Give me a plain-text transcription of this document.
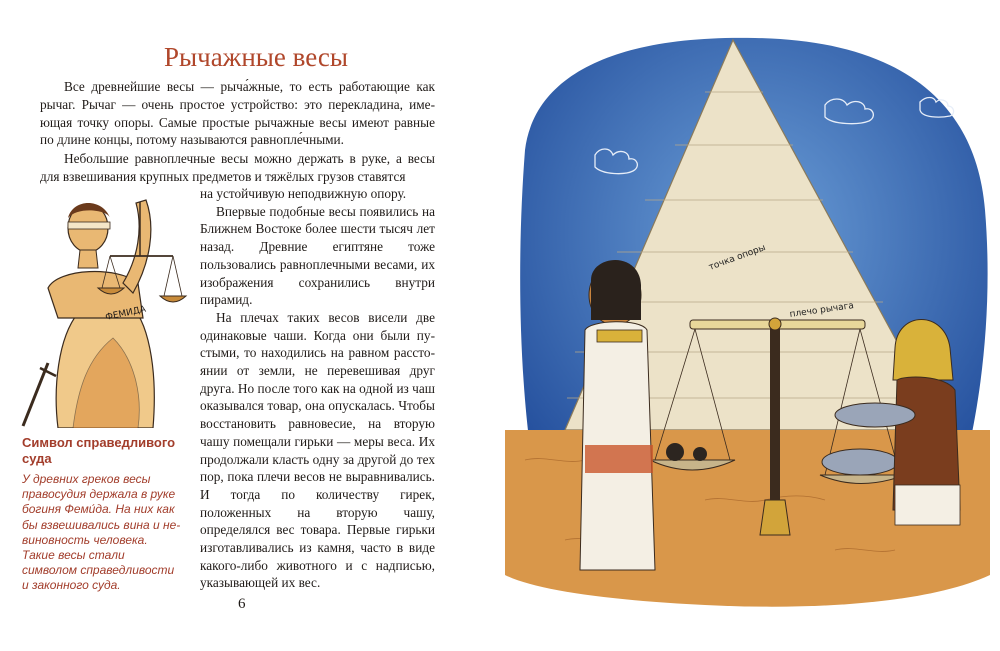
Рычажные весы

Все древнейшие весы — рыча́жные, то есть работающие как рычаг. Рычаг — очень простое устройство: это перекладина, имеющая точку опоры. Самые простые рычажные весы имеют равные по длине концы, потому называются равнопле́чными.

Небольшие равноплечные весы можно держать в руке, а весы для взвешивания крупных предметов и тяжёлых грузов ставятся

на устойчивую неподвижную опору.

Впервые подобные весы появились на Ближнем Востоке более шести тысяч лет назад. Древние египтяне тоже пользовались равноплечными весами, их изображения сохранились внутри пирамид.

На плечах таких весов висели две одинаковые чаши. Когда они были пустыми, то находились на равном расстоянии от земли, не перевешивая друг друга. Но после того как на одной из чаш оказывался товар, она опускалась. Чтобы восстановить равновесие, на вторую чашу помещали гирьки — меры веса. Их продолжали класть одну за другой до тех пор, пока плечи весов не выравнивались. И тогда по количеству гирек, положенных на вторую чашу, определялся вес товара. Первые гирьки изготавливались из камня, часто в виде какого-либо животного и с надписью, указывающей их вес.

ФЕМИДА
Символ справедливого суда

У древних греков весы правосудия держала в руке богиня Феми́да. На них как бы взвешивались вина и невиновность человека. Такие весы стали символом справедливости и законного суда.

6
точка опоры
плечо рычага
